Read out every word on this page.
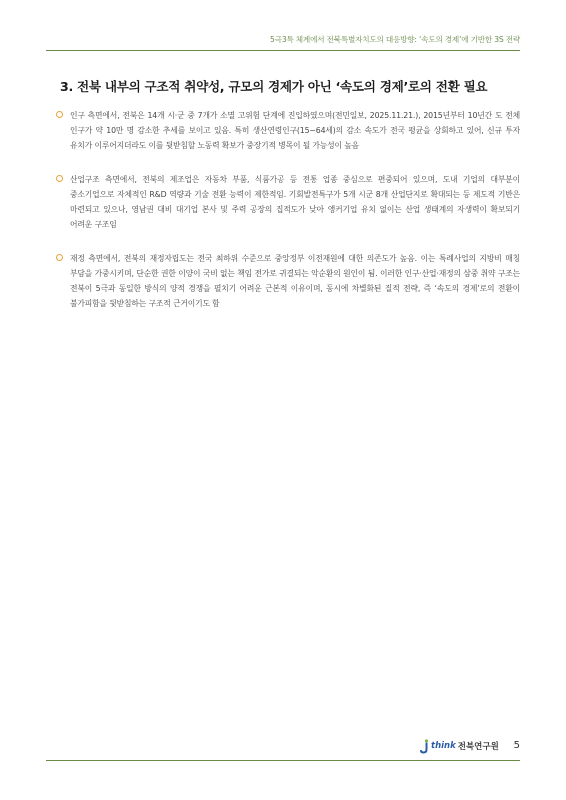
5극3특 체계에서 전북특별자치도의 대응방향: ‘속도의 경제’에 기반한 3S 전략
3. 전북 내부의 구조적 취약성, 규모의 경제가 아닌 ‘속도의 경제’로의 전환 필요
인구 측면에서, 전북은 14개 시·군 중 7개가 소멸 고위험 단계에 진입하였으며(전민일보, 2025.11.21.), 2015년부터 10년간 도 전체 인구가 약 10만 명 감소한 추세를 보이고 있음. 특히 생산연령인구(15~64세)의 감소 속도가 전국 평균을 상회하고 있어, 신규 투자 유치가 이루어지더라도 이를 뒷받침할 노동력 확보가 중장기적 병목이 될 가능성이 높음
산업구조 측면에서, 전북의 제조업은 자동차 부품, 식품가공 등 전통 업종 중심으로 편중되어 있으며, 도내 기업의 대부분이 중소기업으로 자체적인 R&D 역량과 기술 전환 능력이 제한적임. 기회발전특구가 5개 시군 8개 산업단지로 확대되는 등 제도적 기반은 마련되고 있으나, 영남권 대비 대기업 본사 및 주력 공장의 집적도가 낮아 앵커기업 유치 없이는 산업 생태계의 자생력이 확보되기 어려운 구조임
재정 측면에서, 전북의 재정자립도는 전국 최하위 수준으로 중앙정부 이전재원에 대한 의존도가 높음. 이는 특례사업의 지방비 매칭 부담을 가중시키며, 단순한 권한 이양이 국비 없는 책임 전가로 귀결되는 악순환의 원인이 됨. 이러한 인구·산업·재정의 삼중 취약 구조는 전북이 5극과 동일한 방식의 양적 경쟁을 펼치기 어려운 근본적 이유이며, 동시에 차별화된 질적 전략, 즉 ‘속도의 경제’로의 전환이 불가피함을 뒷받침하는 구조적 근거이기도 함
think 전북연구원 5
